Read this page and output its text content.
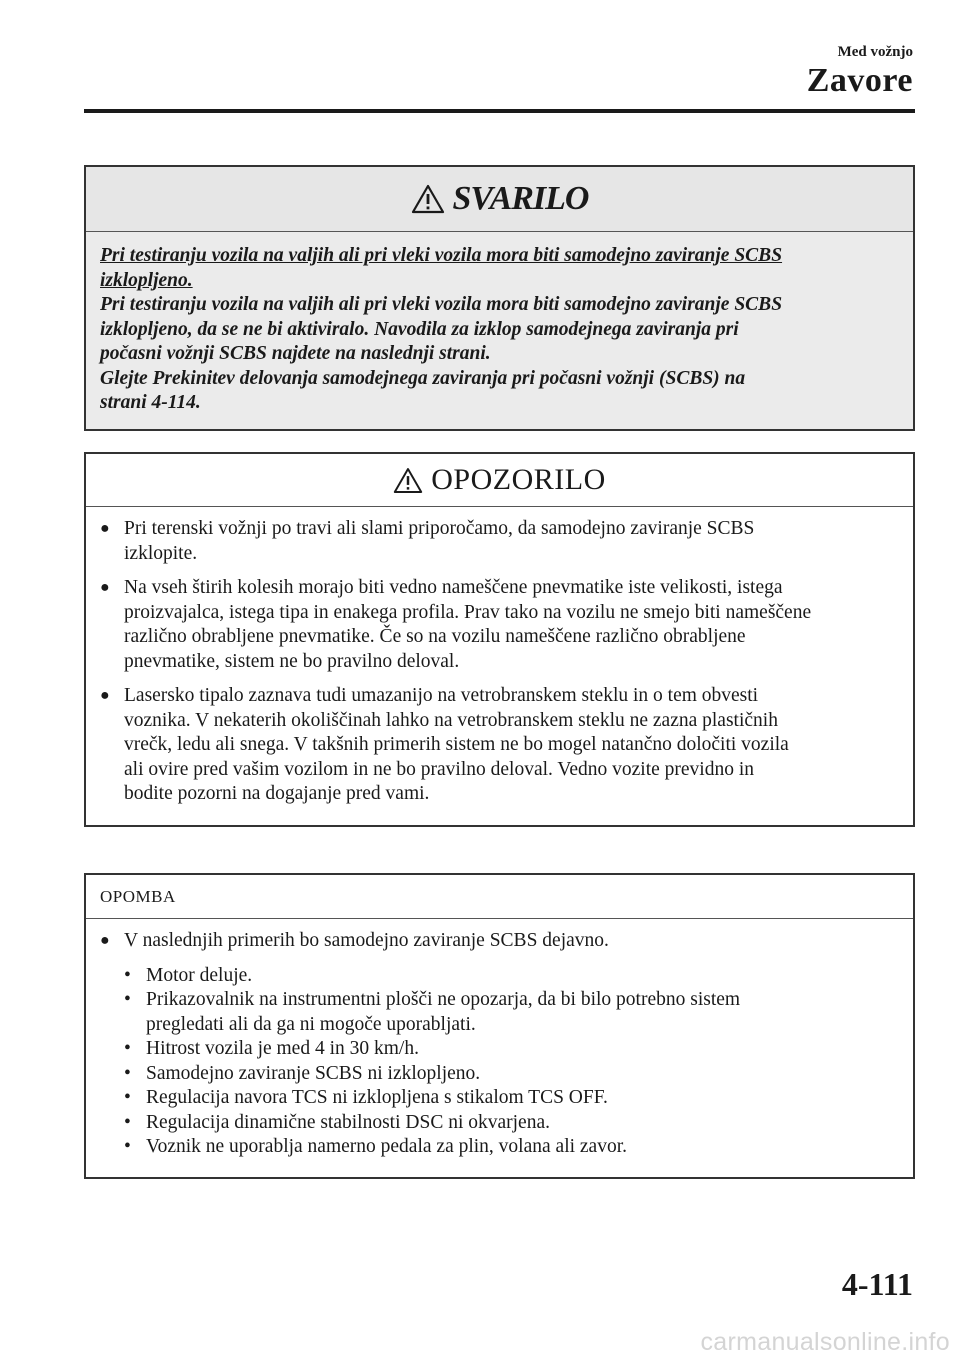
Med vožnjo
Zavore
SVARILO
Pri testiranju vozila na valjih ali pri vleki vozila mora biti samodejno zaviranje SCBS
izklopljeno.
Pri testiranju vozila na valjih ali pri vleki vozila mora biti samodejno zaviranje SCBS
izklopljeno, da se ne bi aktiviralo. Navodila za izklop samodejnega zaviranja pri
počasni vožnji SCBS najdete na naslednji strani.
Glejte Prekinitev delovanja samodejnega zaviranja pri počasni vožnji (SCBS) na
strani 4-114.
OPOZORILO
● Pri terenski vožnji po travi ali slami priporočamo, da samodejno zaviranje SCBS
izklopite.
● Na vseh štirih kolesih morajo biti vedno nameščene pnevmatike iste velikosti, istega
proizvajalca, istega tipa in enakega profila. Prav tako na vozilu ne smejo biti nameščene
različno obrabljene pnevmatike. Če so na vozilu nameščene različno obrabljene
pnevmatike, sistem ne bo pravilno deloval.
● Lasersko tipalo zaznava tudi umazanijo na vetrobranskem steklu in o tem obvesti
voznika. V nekaterih okoliščinah lahko na vetrobranskem steklu ne zazna plastičnih
vrečk, ledu ali snega. V takšnih primerih sistem ne bo mogel natančno določiti vozila
ali ovire pred vašim vozilom in ne bo pravilno deloval. Vedno vozite previdno in
bodite pozorni na dogajanje pred vami.
OPOMBA
● V naslednjih primerih bo samodejno zaviranje SCBS dejavno.
• Motor deluje.
• Prikazovalnik na instrumentni plošči ne opozarja, da bi bilo potrebno sistem
pregledati ali da ga ni mogoče uporabljati.
• Hitrost vozila je med 4 in 30 km/h.
• Samodejno zaviranje SCBS ni izklopljeno.
• Regulacija navora TCS ni izklopljena s stikalom TCS OFF.
• Regulacija dinamične stabilnosti DSC ni okvarjena.
• Voznik ne uporablja namerno pedala za plin, volana ali zavor.
4-111
carmanualsonline.info
